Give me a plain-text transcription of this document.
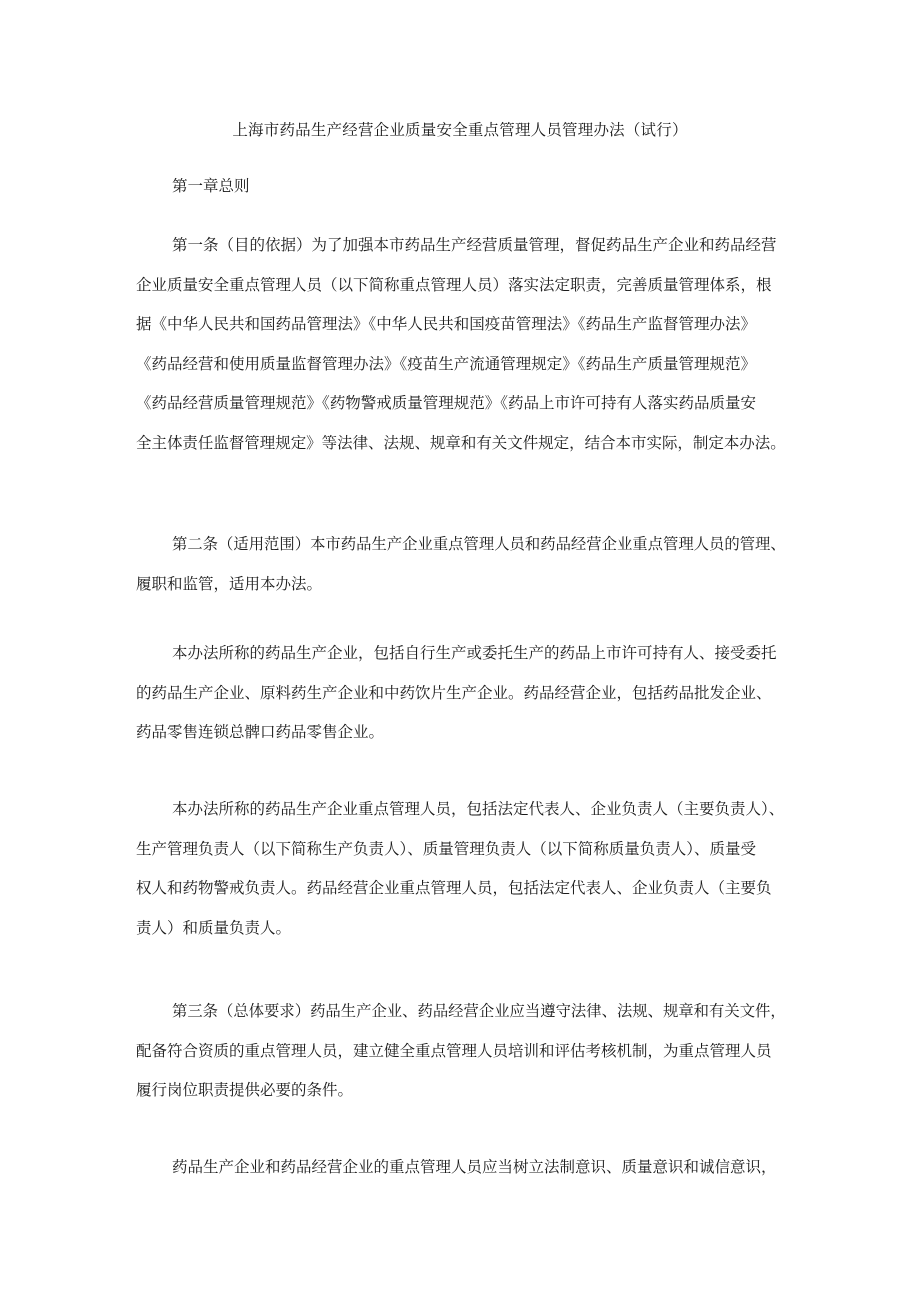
上海市药品生产经营企业质量安全重点管理人员管理办法（试行）
第一章总则
第一条（目的依据）为了加强本市药品生产经营质量管理，督促药品生产企业和药品经营
企业质量安全重点管理人员（以下简称重点管理人员）落实法定职责，完善质量管理体系，根
据《中华人民共和国药品管理法》《中华人民共和国疫苗管理法》《药品生产监督管理办法》
《药品经营和使用质量监督管理办法》《疫苗生产流通管理规定》《药品生产质量管理规范》
《药品经营质量管理规范》《药物警戒质量管理规范》《药品上市许可持有人落实药品质量安
全主体责任监督管理规定》等法律、法规、规章和有关文件规定，结合本市实际，制定本办法。
第二条（适用范围）本市药品生产企业重点管理人员和药品经营企业重点管理人员的管理、
履职和监管，适用本办法。
本办法所称的药品生产企业，包括自行生产或委托生产的药品上市许可持有人、接受委托
的药品生产企业、原料药生产企业和中药饮片生产企业。药品经营企业，包括药品批发企业、
药品零售连锁总髀口药品零售企业。
本办法所称的药品生产企业重点管理人员，包括法定代表人、企业负责人（主要负责人）、
生产管理负责人（以下简称生产负责人）、质量管理负责人（以下简称质量负责人）、质量受
权人和药物警戒负责人。药品经营企业重点管理人员，包括法定代表人、企业负责人（主要负
责人）和质量负责人。
第三条（总体要求）药品生产企业、药品经营企业应当遵守法律、法规、规章和有关文件，
配备符合资质的重点管理人员，建立健全重点管理人员培训和评估考核机制，为重点管理人员
履行岗位职责提供必要的条件。
药品生产企业和药品经营企业的重点管理人员应当树立法制意识、质量意识和诚信意识，
